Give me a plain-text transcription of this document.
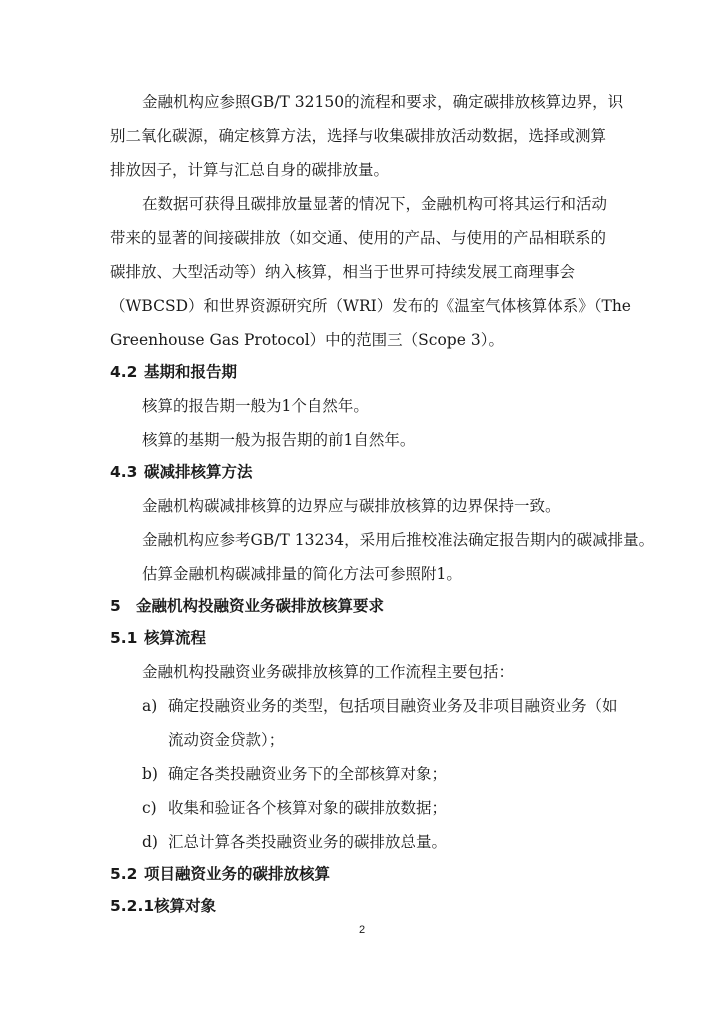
金融机构应参照GB/T 32150的流程和要求，确定碳排放核算边界，识
别二氧化碳源，确定核算方法，选择与收集碳排放活动数据，选择或测算
排放因子，计算与汇总自身的碳排放量。
在数据可获得且碳排放量显著的情况下，金融机构可将其运行和活动
带来的显著的间接碳排放（如交通、使用的产品、与使用的产品相联系的
碳排放、大型活动等）纳入核算，相当于世界可持续发展工商理事会
（WBCSD）和世界资源研究所（WRI）发布的《温室气体核算体系》（The
Greenhouse Gas Protocol）中的范围三（Scope 3）。
4.2 基期和报告期
核算的报告期一般为1个自然年。
核算的基期一般为报告期的前1自然年。
4.3 碳减排核算方法
金融机构碳减排核算的边界应与碳排放核算的边界保持一致。
金融机构应参考GB/T 13234，采用后推校准法确定报告期内的碳减排量。
估算金融机构碳减排量的简化方法可参照附1。
5 金融机构投融资业务碳排放核算要求
5.1 核算流程
金融机构投融资业务碳排放核算的工作流程主要包括：
a) 确定投融资业务的类型，包括项目融资业务及非项目融资业务（如
流动资金贷款）；
b) 确定各类投融资业务下的全部核算对象；
c) 收集和验证各个核算对象的碳排放数据；
d) 汇总计算各类投融资业务的碳排放总量。
5.2 项目融资业务的碳排放核算
5.2.1核算对象
2
